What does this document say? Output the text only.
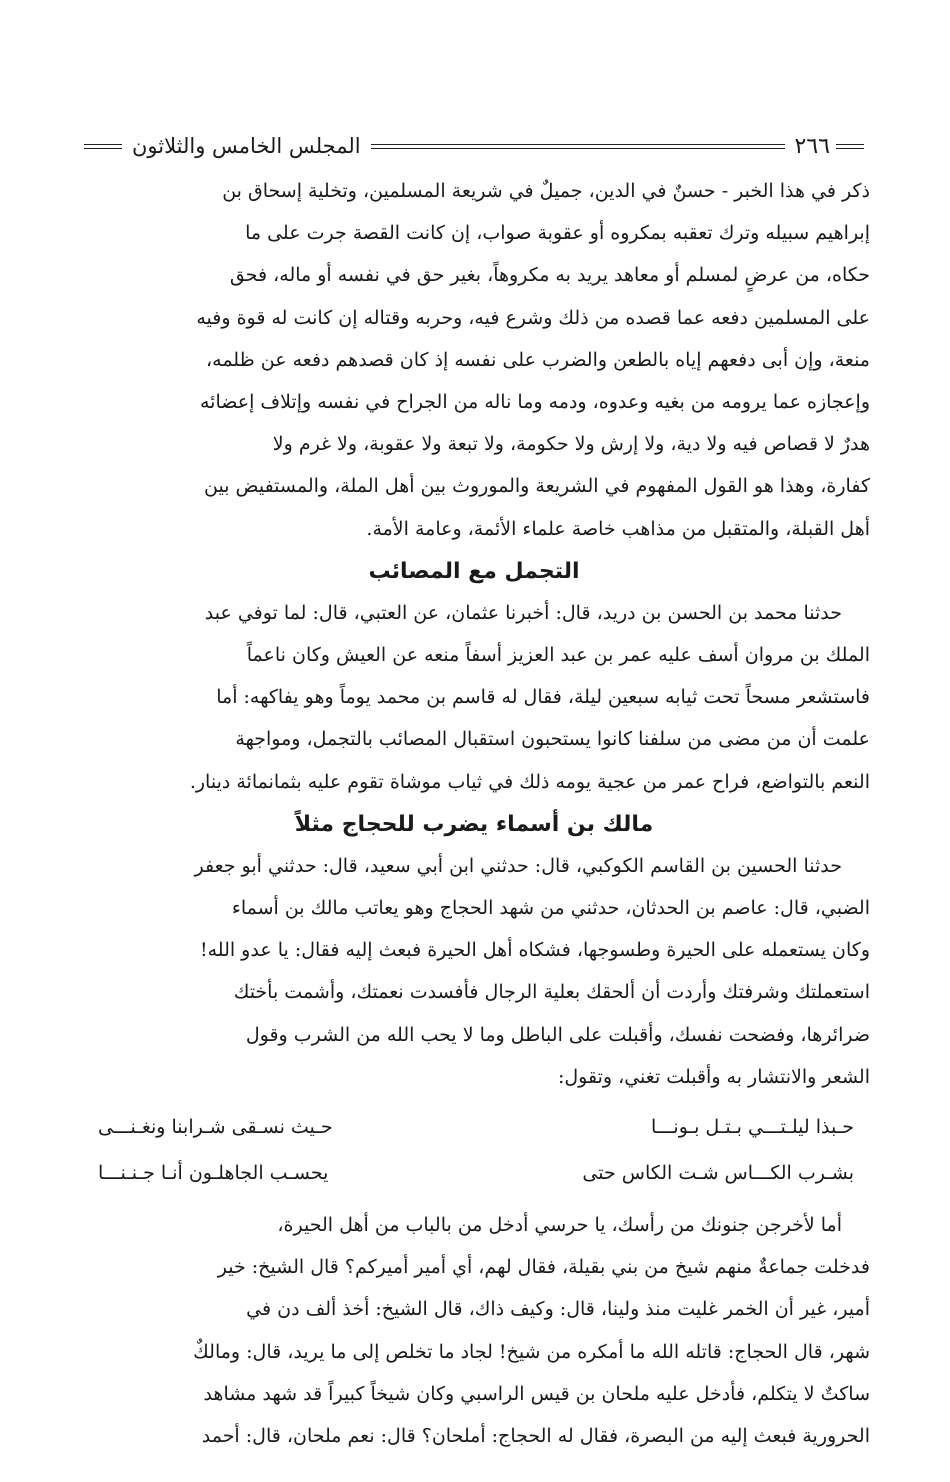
٢٦٦
المجلس الخامس والثلاثون

ذكر في هذا الخبر - حسنٌ في الدين، جميلٌ في شريعة المسلمين، وتخلية إسحاق بن
إبراهيم سبيله وترك تعقبه بمكروه أو عقوبة صواب، إن كانت القصة جرت على ما
حكاه، من عرضٍ لمسلم أو معاهد يريد به مكروهاً، بغير حق في نفسه أو ماله، فحق
على المسلمين دفعه عما قصده من ذلك وشرع فيه، وحربه وقتاله إن كانت له قوة وفيه
منعة، وإن أبى دفعهم إياه بالطعن والضرب على نفسه إذ كان قصدهم دفعه عن ظلمه،
وإعجازه عما يرومه من بغيه وعدوه، ودمه وما ناله من الجراح في نفسه وإتلاف إعضائه
هدرٌ لا قصاص فيه ولا دية، ولا إرش ولا حكومة، ولا تبعة ولا عقوبة، ولا غرم ولا
كفارة، وهذا هو القول المفهوم في الشريعة والموروث بين أهل الملة، والمستفيض بين
أهل القبلة، والمتقبل من مذاهب خاصة علماء الأئمة، وعامة الأمة.

التجمل مع المصائب

حدثنا محمد بن الحسن بن دريد، قال: أخبرنا عثمان، عن العتبي، قال: لما توفي عبد
الملك بن مروان أسف عليه عمر بن عبد العزيز أسفاً منعه عن العيش وكان ناعماً
فاستشعر مسحاً تحت ثيابه سبعين ليلة، فقال له قاسم بن محمد يوماً وهو يفاكهه: أما
علمت أن من مضى من سلفنا كانوا يستحبون استقبال المصائب بالتجمل، ومواجهة
النعم بالتواضع، فراح عمر من عجية يومه ذلك في ثياب موشاة تقوم عليه بثمانمائة دينار.

مالك بن أسماء يضرب للحجاج مثلاً

حدثنا الحسين بن القاسم الكوكبي، قال: حدثني ابن أبي سعيد، قال: حدثني أبو جعفر
الضبي، قال: عاصم بن الحدثان، حدثني من شهد الحجاج وهو يعاتب مالك بن أسماء
وكان يستعمله على الحيرة وطسوجها، فشكاه أهل الحيرة فبعث إليه فقال: يا عدو الله!
استعملتك وشرفتك وأردت أن ألحقك بعلية الرجال فأفسدت نعمتك، وأشمت بأختك
ضرائرها، وفضحت نفسك، وأقبلت على الباطل وما لا يحب الله من الشرب وقول
الشعر والانتشار به وأقبلت تغني، وتقول:

حـبذا ليلـتـــي بـتـل بـونـــا
حـيث نسـقى شـرابنا ونغـنـــى
بشـرب الكـــاس شـت الكاس حتى
يحسـب الجاهلـون أنـا جـنـنـــا

أما لأخرجن جنونك من رأسك، يا حرسي أدخل من بالباب من أهل الحيرة،
فدخلت جماعةٌ منهم شيخ من بني بقيلة، فقال لهم، أي أمير أميركم؟ قال الشيخ: خير
أمير، غير أن الخمر غليت منذ ولينا، قال: وكيف ذاك، قال الشيخ: أخذ ألف دن في
شهر، قال الحجاج: قاتله الله ما أمكره من شيخ! لجاد ما تخلص إلى ما يريد، قال: ومالكٌ
ساكتٌ لا يتكلم، فأدخل عليه ملحان بن قيس الراسبي وكان شيخاً كبيراً قد شهد مشاهد
الحرورية فبعث إليه من البصرة، فقال له الحجاج: أملحان؟ قال: نعم ملحان، قال: أحمد
